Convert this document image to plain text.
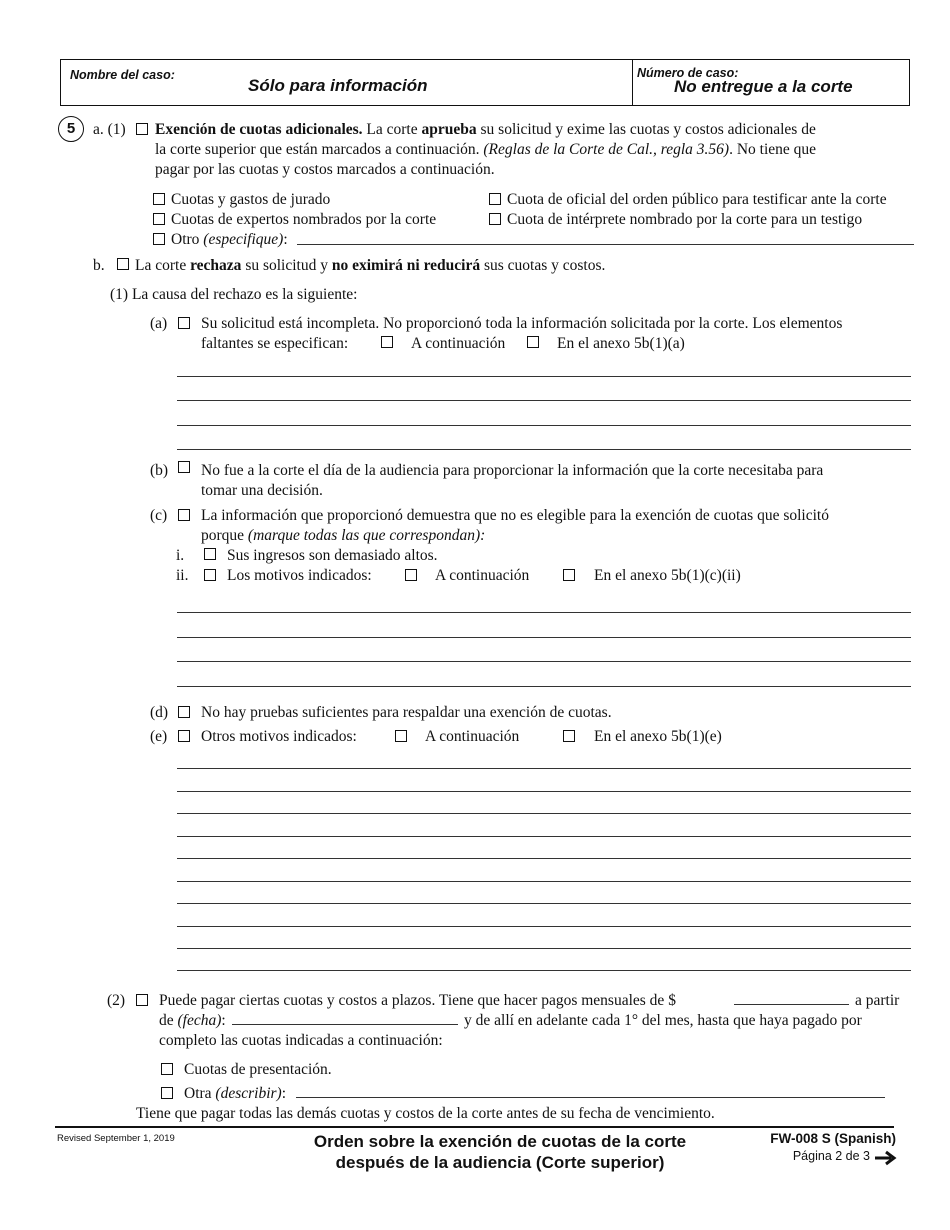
Nombre del caso:
Sólo para información
Número de caso:
No entregue a la corte
5	a. (1) Exención de cuotas adicionales. La corte aprueba su solicitud y exime las cuotas y costos adicionales de
la corte superior que están marcados a continuación. (Reglas de la Corte de Cal., regla 3.56). No tiene que
pagar por las cuotas y costos marcados a continuación.
Cuotas y gastos de jurado
Cuotas de expertos nombrados por la corte
Otro (especifique):
Cuota de oficial del orden público para testificar ante la corte
Cuota de intérprete nombrado por la corte para un testigo
b. La corte rechaza su solicitud y no eximirá ni reducirá sus cuotas y costos.
(1) La causa del rechazo es la siguiente:
(a) Su solicitud está incompleta. No proporcionó toda la información solicitada por la corte. Los elementos
faltantes se especifican:	A continuación	En el anexo 5b(1)(a)
(b) No fue a la corte el día de la audiencia para proporcionar la información que la corte necesitaba para
tomar una decisión.
(c) La información que proporcionó demuestra que no es elegible para la exención de cuotas que solicitó
porque (marque todas las que correspondan):
i.	Sus ingresos son demasiado altos.
ii. Los motivos indicados:	A continuación	En el anexo 5b(1)(c)(ii)
(d) No hay pruebas suficientes para respaldar una exención de cuotas.
(e) Otros motivos indicados:	A continuación	En el anexo 5b(1)(e)
(2) Puede pagar ciertas cuotas y costos a plazos. Tiene que hacer pagos mensuales de $	a partir
de (fecha):	y de allí en adelante cada 1° del mes, hasta que haya pagado por
completo las cuotas indicadas a continuación:
Cuotas de presentación.
Otra (describir):
Tiene que pagar todas las demás cuotas y costos de la corte antes de su fecha de vencimiento.
Revised September 1, 2019	Orden sobre la exención de cuotas de la corte
después de la audiencia (Corte superior)
FW-008 S (Spanish)
Página 2 de 3
